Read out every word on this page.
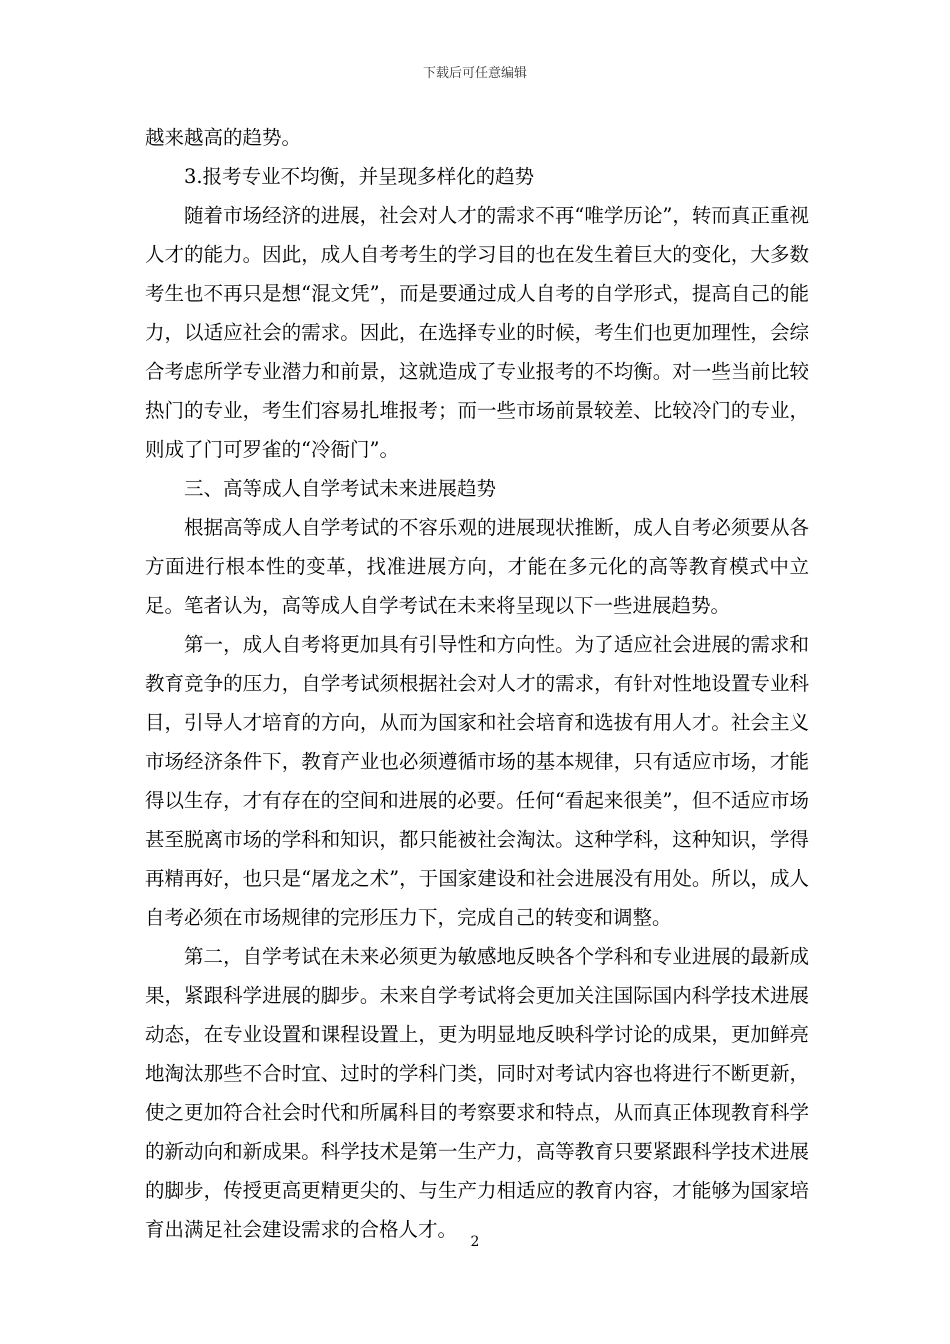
下载后可任意编辑

越来越高的趋势。

3.报考专业不均衡，并呈现多样化的趋势

随着市场经济的进展，社会对人才的需求不再“唯学历论”，转而真正重视人才的能力。因此，成人自考考生的学习目的也在发生着巨大的变化，大多数考生也不再只是想“混文凭”，而是要通过成人自考的自学形式，提高自己的能力，以适应社会的需求。因此，在选择专业的时候，考生们也更加理性，会综合考虑所学专业潜力和前景，这就造成了专业报考的不均衡。对一些当前比较热门的专业，考生们容易扎堆报考；而一些市场前景较差、比较冷门的专业，则成了门可罗雀的“冷衙门”。

三、高等成人自学考试未来进展趋势

根据高等成人自学考试的不容乐观的进展现状推断，成人自考必须要从各方面进行根本性的变革，找准进展方向，才能在多元化的高等教育模式中立足。笔者认为，高等成人自学考试在未来将呈现以下一些进展趋势。

第一，成人自考将更加具有引导性和方向性。为了适应社会进展的需求和教育竞争的压力，自学考试须根据社会对人才的需求，有针对性地设置专业科目，引导人才培育的方向，从而为国家和社会培育和选拔有用人才。社会主义市场经济条件下，教育产业也必须遵循市场的基本规律，只有适应市场，才能得以生存，才有存在的空间和进展的必要。任何“看起来很美”，但不适应市场甚至脱离市场的学科和知识，都只能被社会淘汰。这种学科，这种知识，学得再精再好，也只是“屠龙之术”，于国家建设和社会进展没有用处。所以，成人自考必须在市场规律的完形压力下，完成自己的转变和调整。

第二，自学考试在未来必须更为敏感地反映各个学科和专业进展的最新成果，紧跟科学进展的脚步。未来自学考试将会更加关注国际国内科学技术进展动态，在专业设置和课程设置上，更为明显地反映科学讨论的成果，更加鲜亮地淘汰那些不合时宜、过时的学科门类，同时对考试内容也将进行不断更新，使之更加符合社会时代和所属科目的考察要求和特点，从而真正体现教育科学的新动向和新成果。科学技术是第一生产力，高等教育只要紧跟科学技术进展的脚步，传授更高更精更尖的、与生产力相适应的教育内容，才能够为国家培育出满足社会建设需求的合格人才。

2
